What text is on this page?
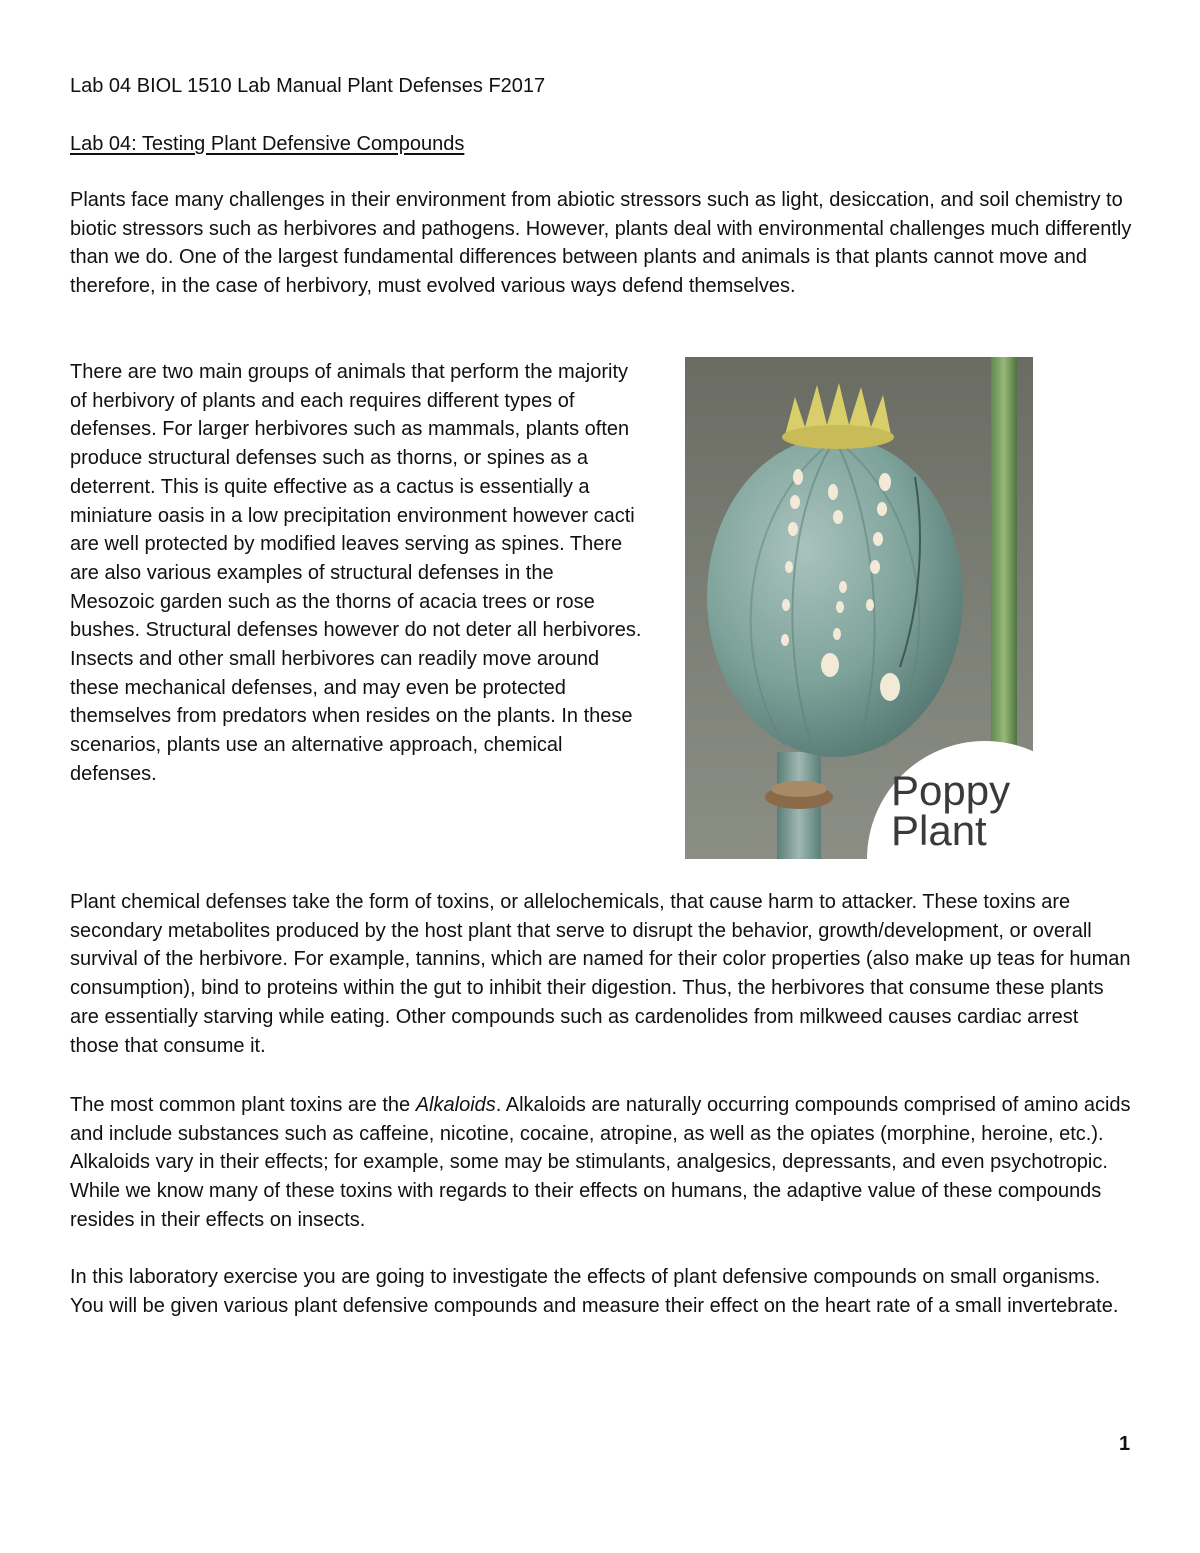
Lab 04 BIOL 1510 Lab Manual Plant Defenses F2017
Lab 04: Testing Plant Defensive Compounds

Plants face many challenges in their environment from abiotic stressors such as light, desiccation, and soil chemistry to biotic stressors such as herbivores and pathogens. However, plants deal with environmental challenges much differently than we do. One of the largest fundamental differences between plants and animals is that plants cannot move and therefore, in the case of herbivory, must evolved various ways defend themselves.

There are two main groups of animals that perform the majority of herbivory of plants and each requires different types of defenses. For larger herbivores such as mammals, plants often produce structural defenses such as thorns, or spines as a deterrent. This is quite effective as a cactus is essentially a miniature oasis in a low precipitation environment however cacti are well protected by modified leaves serving as spines. There are also various examples of structural defenses in the Mesozoic garden such as the thorns of acacia trees or rose bushes. Structural defenses however do not deter all herbivores. Insects and other small herbivores can readily move around these mechanical defenses, and may even be protected themselves from predators when resides on the plants. In these scenarios, plants use an alternative approach, chemical defenses.	Poppy
Plant

Plant chemical defenses take the form of toxins, or allelochemicals, that cause harm to attacker. These toxins are secondary metabolites produced by the host plant that serve to disrupt the behavior, growth/development, or overall survival of the herbivore. For example, tannins, which are named for their color properties (also make up teas for human consumption), bind to proteins within the gut to inhibit their digestion. Thus, the herbivores that consume these plants are essentially starving while eating. Other compounds such as cardenolides from milkweed causes cardiac arrest those that consume it.

The most common plant toxins are the Alkaloids. Alkaloids are naturally occurring compounds comprised of amino acids and include substances such as caffeine, nicotine, cocaine, atropine, as well as the opiates (morphine, heroine, etc.). Alkaloids vary in their effects; for example, some may be stimulants, analgesics, depressants, and even psychotropic. While we know many of these toxins with regards to their effects on humans, the adaptive value of these compounds resides in their effects on insects.

In this laboratory exercise you are going to investigate the effects of plant defensive compounds on small organisms. You will be given various plant defensive compounds and measure their effect on the heart rate of a small invertebrate.

1
